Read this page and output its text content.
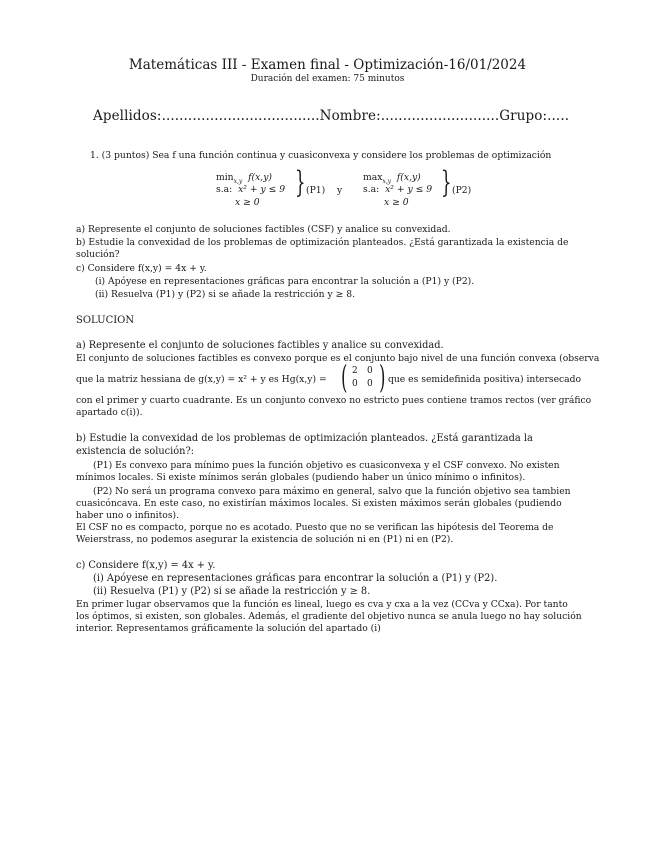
Matemáticas III - Examen final - Optimización-16/01/2024
Duración del examen: 75 minutos
Apellidos:....................................Nombre:...........................Grupo:.....
1. (3 puntos) Sea f una función continua y cuasiconvexa y considere los problemas de optimización
$\min_{x,y} f(x,y)$
s.a: x² + y ≤ 9
x ≥ 0
} (P1) y
$\max_{x,y} f(x,y)$
s.a: x² + y ≤ 9
x ≥ 0
} (P2)
a) Represente el conjunto de soluciones factibles (CSF) y analice su convexidad.
b) Estudie la convexidad de los problemas de optimización planteados. ¿Está garantizada la existencia de
solución?
c) Considere f(x,y) = 4x + y.
(i) Apóyese en representaciones gráficas para encontrar la solución a (P1) y (P2).
(ii) Resuelva (P1) y (P2) si se añade la restricción y ≥ 8.
SOLUCION
a) Represente el conjunto de soluciones factibles y analice su convexidad.
El conjunto de soluciones factibles es convexo porque es el conjunto bajo nivel de una función convexa (observa
que la matriz hessiana de g(x,y) = x² + y es Hg(x,y) = ( 2 0
0 0 ) que es semidefinida positiva) intersecado
con el primer y cuarto cuadrante. Es un conjunto convexo no estricto pues contiene tramos rectos (ver gráfico
apartado c(i)).
b) Estudie la convexidad de los problemas de optimización planteados. ¿Está garantizada la
existencia de solución?:
(P1) Es convexo para mínimo pues la función objetivo es cuasiconvexa y el CSF convexo. No existen
mínimos locales. Si existe mínimos serán globales (pudiendo haber un único mínimo o infinitos).
(P2) No será un programa convexo para máximo en general, salvo que la función objetivo sea tambien
cuasicóncava. En este caso, no existirían máximos locales. Si existen máximos serán globales (pudiendo
haber uno o infinitos).
El CSF no es compacto, porque no es acotado. Puesto que no se verifican las hipótesis del Teorema de
Weierstrass, no podemos asegurar la existencia de solución ni en (P1) ni en (P2).
c) Considere f(x,y) = 4x + y.
(i) Apóyese en representaciones gráficas para encontrar la solución a (P1) y (P2).
(ii) Resuelva (P1) y (P2) si se añade la restricción y ≥ 8.
En primer lugar observamos que la función es lineal, luego es cva y cxa a la vez (CCva y CCxa). Por tanto
los óptimos, si existen, son globales. Además, el gradiente del objetivo nunca se anula luego no hay solución
interior. Representamos gráficamente la solución del apartado (i)
